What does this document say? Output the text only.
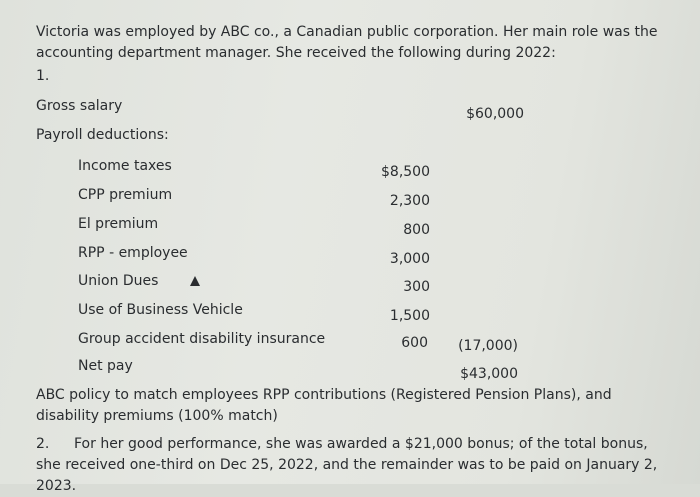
Victoria was employed by ABC co., a Canadian public corporation. Her main role was the accounting department manager. She received the following during 2022:
1.
Gross salary	$60,000
Payroll deductions:
Income taxes	$8,500
CPP premium	2,300
El premium	800
RPP - employee	3,000
Union Dues	300
Use of Business Vehicle	1,500
Group accident disability insurance	600	(17,000)
Net pay	$43,000
ABC policy to match employees RPP contributions (Registered Pension Plans), and disability premiums (100% match)
2.	For her good performance, she was awarded a $21,000 bonus; of the total bonus, she received one-third on Dec 25, 2022, and the remainder was to be paid on January 2, 2023.
